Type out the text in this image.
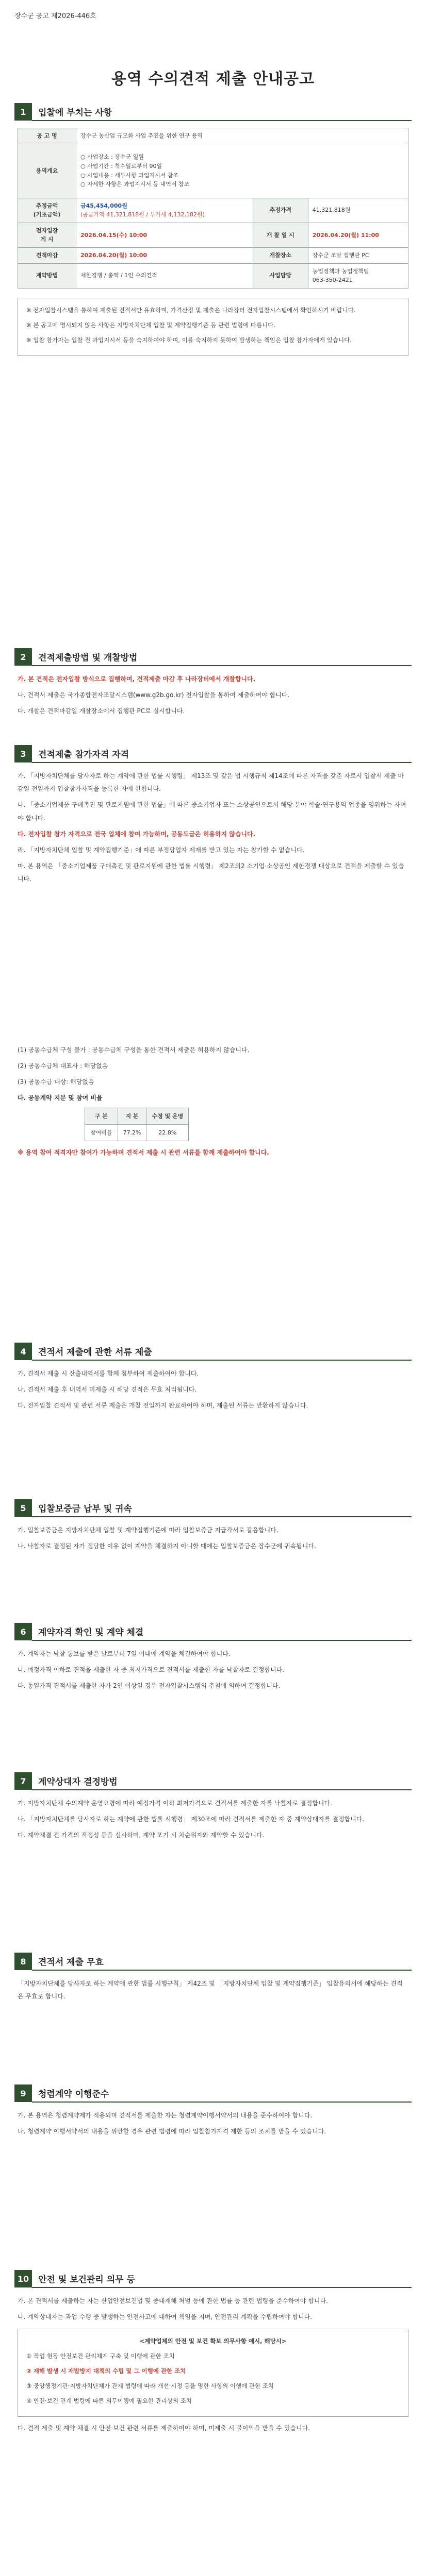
장수군 공고 제2026-446호
용역 수의견적 제출 안내공고
1	입찰에 부치는 사항
공 고 명	장수군 농산업 규모화 사업 추진을 위한 연구 용역		
용역개요	○ 사업장소 : 장수군 일원
○ 사업기간 : 착수일로부터 90일
○ 사업내용 : 세부사항 과업지시서 참조
○ 자세한 사항은 과업지시서 등 내역서 참조		
추정금액
(기초금액)	금45,454,000원
(공급가액 41,321,818원 / 부가세 4,132,182원)	추정가격	41,321,818원
전자입찰
게 시	2026.04.15(수) 10:00	개 찰 일 시	2026.04.20(월) 11:00
견적마감	2026.04.20(월) 10:00	개찰장소	장수군 조달 집행관 PC
계약방법	제한경쟁 / 총액 / 1인 수의견적	사업담당	농업정책과 농업정책팀
063-350-2421

※ 전자입찰시스템을 통하여 제출된 견적서만 유효하며, 가격산정 및 제출은 나라장터 전자입찰시스템에서 확인하시기 바랍니다.

※ 본 공고에 명시되지 않은 사항은 지방자치단체 입찰 및 계약집행기준 등 관련 법령에 따릅니다.

※ 입찰 참가자는 입찰 전 과업지시서 등을 숙지하여야 하며, 이를 숙지하지 못하여 발생하는 책임은 입찰 참가자에게 있습니다.

2	견적제출방법 및 개찰방법

가. 본 견적은 전자입찰 방식으로 집행하며, 견적제출 마감 후 나라장터에서 개찰합니다.

나. 견적서 제출은 국가종합전자조달시스템(www.g2b.go.kr) 전자입찰을 통하여 제출하여야 합니다.

다. 개찰은 견적마감일 개찰장소에서 집행관 PC로 실시합니다.

3	견적제출 참가자격 자격

가. 「지방자치단체를 당사자로 하는 계약에 관한 법률 시행령」 제13조 및 같은 법 시행규칙 제14조에 따른 자격을 갖춘 자로서 입찰서 제출 마감일 전일까지 입찰참가자격을 등록한 자에 한합니다.

나. 「중소기업제품 구매촉진 및 판로지원에 관한 법률」에 따른 중소기업자 또는 소상공인으로서 해당 분야 학술·연구용역 업종을 영위하는 자여야 합니다.

다. 전자입찰 참가 자격으로 전국 업체에 참여 가능하며, 공동도급은 허용하지 않습니다.

라. 「지방자치단체 입찰 및 계약집행기준」에 따른 부정당업자 제재를 받고 있는 자는 참가할 수 없습니다.

마. 본 용역은 「중소기업제품 구매촉진 및 판로지원에 관한 법률 시행령」 제2조의2 소기업·소상공인 제한경쟁 대상으로 견적을 제출할 수 있습니다.

(1) 공동수급체 구성 불가 : 공동수급체 구성을 통한 견적서 제출은 허용하지 않습니다.

(2) 공동수급체 대표사 : 해당없음

(3) 공동수급 대상: 해당없음

다. 공동계약 지분 및 참여 비율

구 분	지 분	수정 및 운영
참여비율	77.2%	22.8%

※ 용역 참여 적격자만 참여가 가능하며 견적서 제출 시 관련 서류를 함께 제출하여야 합니다.

4	견적서 제출에 관한 서류 제출

가. 견적서 제출 시 산출내역서를 함께 첨부하여 제출하여야 합니다.

나. 견적서 제출 후 내역서 미제출 시 해당 견적은 무효 처리됩니다.

다. 전자입찰 견적서 및 관련 서류 제출은 개찰 전일까지 완료하여야 하며, 제출된 서류는 반환하지 않습니다.

5	입찰보증금 납부 및 귀속

가. 입찰보증금은 지방자치단체 입찰 및 계약집행기준에 따라 입찰보증금 지급각서로 갈음합니다.

나. 낙찰자로 결정된 자가 정당한 이유 없이 계약을 체결하지 아니할 때에는 입찰보증금은 장수군에 귀속됩니다.

6	계약자격 확인 및 계약 체결

가. 계약자는 낙찰 통보를 받은 날로부터 7일 이내에 계약을 체결하여야 합니다.

나. 예정가격 이하로 견적을 제출한 자 중 최저가격으로 견적서를 제출한 자를 낙찰자로 결정합니다.

다. 동일가격 견적서를 제출한 자가 2인 이상일 경우 전자입찰시스템의 추첨에 의하여 결정합니다.

7	계약상대자 결정방법

가. 지방자치단체 수의계약 운영요령에 따라 예정가격 이하 최저가격으로 견적서를 제출한 자를 낙찰자로 결정합니다.

나. 「지방자치단체를 당사자로 하는 계약에 관한 법률 시행령」 제30조에 따라 견적서를 제출한 자 중 계약상대자를 결정합니다.

다. 계약체결 전 가격의 적정성 등을 심사하며, 계약 포기 시 차순위자와 계약할 수 있습니다.

8	견적서 제출 무효

「지방자치단체를 당사자로 하는 계약에 관한 법률 시행규칙」 제42조 및 「지방자치단체 입찰 및 계약집행기준」 입찰유의서에 해당하는 견적은 무효로 합니다.

9	청렴계약 이행준수

가. 본 용역은 청렴계약제가 적용되며 견적서를 제출한 자는 청렴계약이행서약서의 내용을 준수하여야 합니다.

나. 청렴계약 이행서약서의 내용을 위반할 경우 관련 법령에 따라 입찰참가자격 제한 등의 조치를 받을 수 있습니다.

10	안전 및 보건관리 의무 등

가. 본 견적서를 제출하는 자는 산업안전보건법 및 중대재해 처벌 등에 관한 법률 등 관련 법령을 준수하여야 합니다.

나. 계약상대자는 과업 수행 중 발생하는 안전사고에 대하여 책임을 지며, 안전관리 계획을 수립하여야 합니다.

<계약업체의 안전 및 보건 확보 의무사항 예시, 해당시>

① 작업 현장 안전보건 관리체계 구축 및 이행에 관한 조치

② 재해 발생 시 재발방지 대책의 수립 및 그 이행에 관한 조치

③ 중앙행정기관·지방자치단체가 관계 법령에 따라 개선·시정 등을 명한 사항의 이행에 관한 조치

④ 안전·보건 관계 법령에 따른 의무이행에 필요한 관리상의 조치

다. 견적 제출 및 계약 체결 시 안전·보건 관련 서류를 제출하여야 하며, 미제출 시 불이익을 받을 수 있습니다.
